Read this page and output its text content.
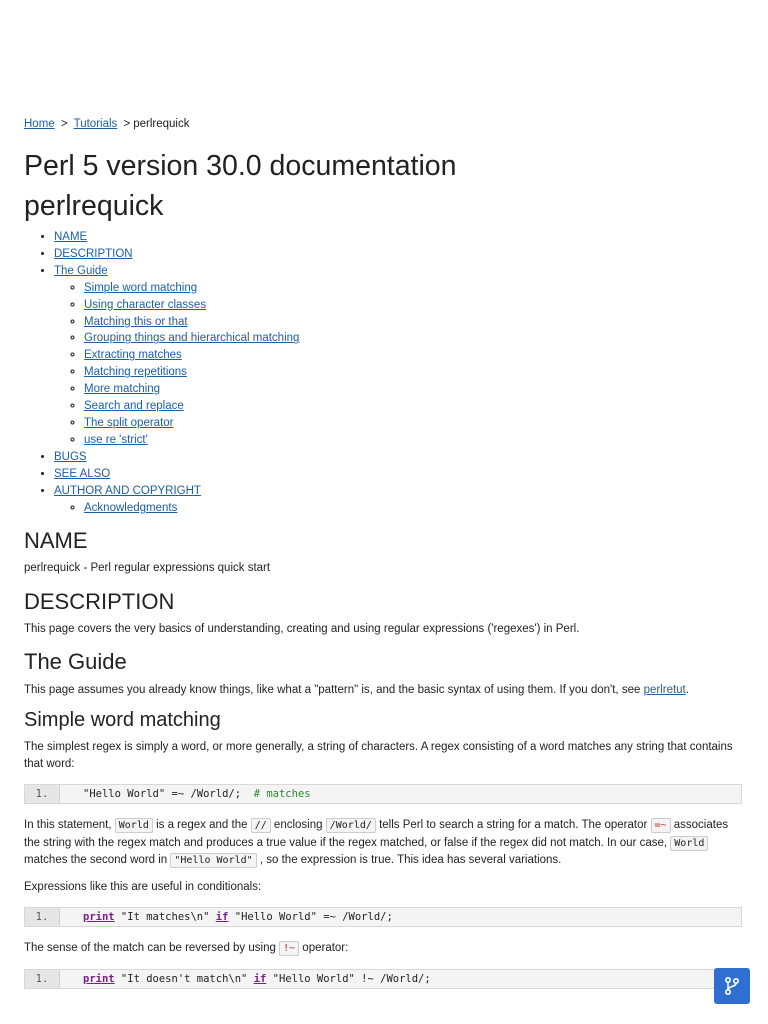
Home > Tutorials > perlrequick
Perl 5 version 30.0 documentation
perlrequick
• NAME
• DESCRIPTION
• The Guide
◦ Simple word matching
◦ Using character classes
◦ Matching this or that
◦ Grouping things and hierarchical matching
◦ Extracting matches
◦ Matching repetitions
◦ More matching
◦ Search and replace
◦ The split operator
◦ use re 'strict'
• BUGS
• SEE ALSO
• AUTHOR AND COPYRIGHT
◦ Acknowledgments
NAME

perlrequick - Perl regular expressions quick start

DESCRIPTION

This page covers the very basics of understanding, creating and using regular expressions ('regexes') in Perl.

The Guide

This page assumes you already know things, like what a "pattern" is, and the basic syntax of using them. If you don't, see perlretut.

Simple word matching

The simplest regex is simply a word, or more generally, a string of characters. A regex consisting of a word matches any string that contains that word:

1.	"Hello World" =~ /World/;  # matches

In this statement, World is a regex and the // enclosing /World/ tells Perl to search a string for a match. The operator =~ associates the string with the regex match and produces a true value if the regex matched, or false if the regex did not match. In our case, World matches the second word in "Hello World" , so the expression is true. This idea has several variations.

Expressions like this are useful in conditionals:

1.	print "It matches\n" if "Hello World" =~ /World/;

The sense of the match can be reversed by using !~ operator:

1.	print "It doesn't match\n" if "Hello World" !~ /World/;
